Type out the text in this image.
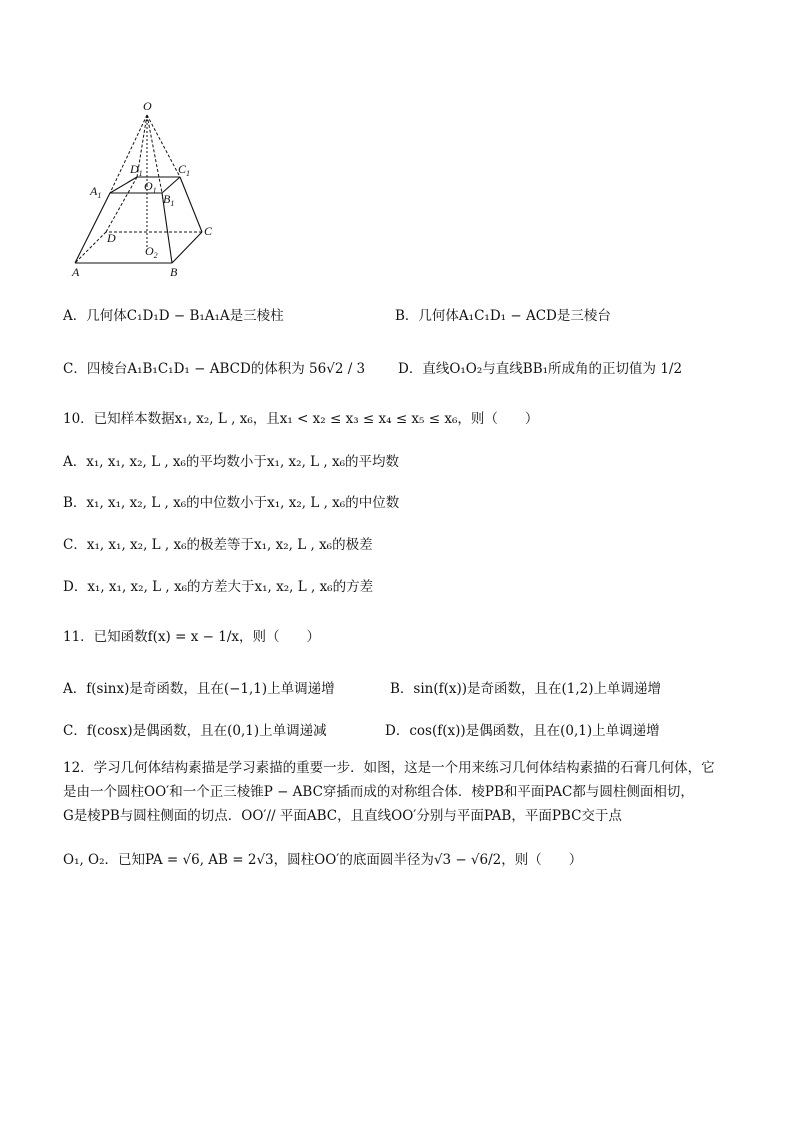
O
$D_1$	$C_1$
$A_1$
$O_1$
$B_1$
D	C
$O_2$
A	B
A．几何体C₁D₁D − B₁A₁A是三棱柱	B．几何体A₁C₁D₁ − ACD是三棱台
C．四棱台A₁B₁C₁D₁ − ABCD的体积为 56√2 / 3 D．直线O₁O₂与直线BB₁所成角的正切值为 1/2
10．已知样本数据x₁, x₂, L , x₆，且x₁ < x₂ ≤ x₃ ≤ x₄ ≤ x₅ ≤ x₆，则（　　）
A．x₁, x₁, x₂, L , x₆的平均数小于x₁, x₂, L , x₆的平均数
B．x₁, x₁, x₂, L , x₆的中位数小于x₁, x₂, L , x₆的中位数
C．x₁, x₁, x₂, L , x₆的极差等于x₁, x₂, L , x₆的极差
D．x₁, x₁, x₂, L , x₆的方差大于x₁, x₂, L , x₆的方差
11．已知函数f(x) = x − 1/x，则（　　）
A．f(sinx)是奇函数，且在(−1,1)上单调递增	B．sin(f(x))是奇函数，且在(1,2)上单调递增
C．f(cosx)是偶函数，且在(0,1)上单调递减	D．cos(f(x))是偶函数，且在(0,1)上单调递增
12．学习几何体结构素描是学习素描的重要一步．如图，这是一个用来练习几何体结构素描的石膏几何体，它
是由一个圆柱OO′和一个正三棱锥P − ABC穿插而成的对称组合体．棱PB和平面PAC都与圆柱侧面相切，
G是棱PB与圆柱侧面的切点．OO′// 平面ABC，且直线OO′分别与平面PAB，平面PBC交于点
O₁, O₂．已知PA = √6, AB = 2√3，圆柱OO′的底面圆半径为√3 − √6/2，则（　　）
